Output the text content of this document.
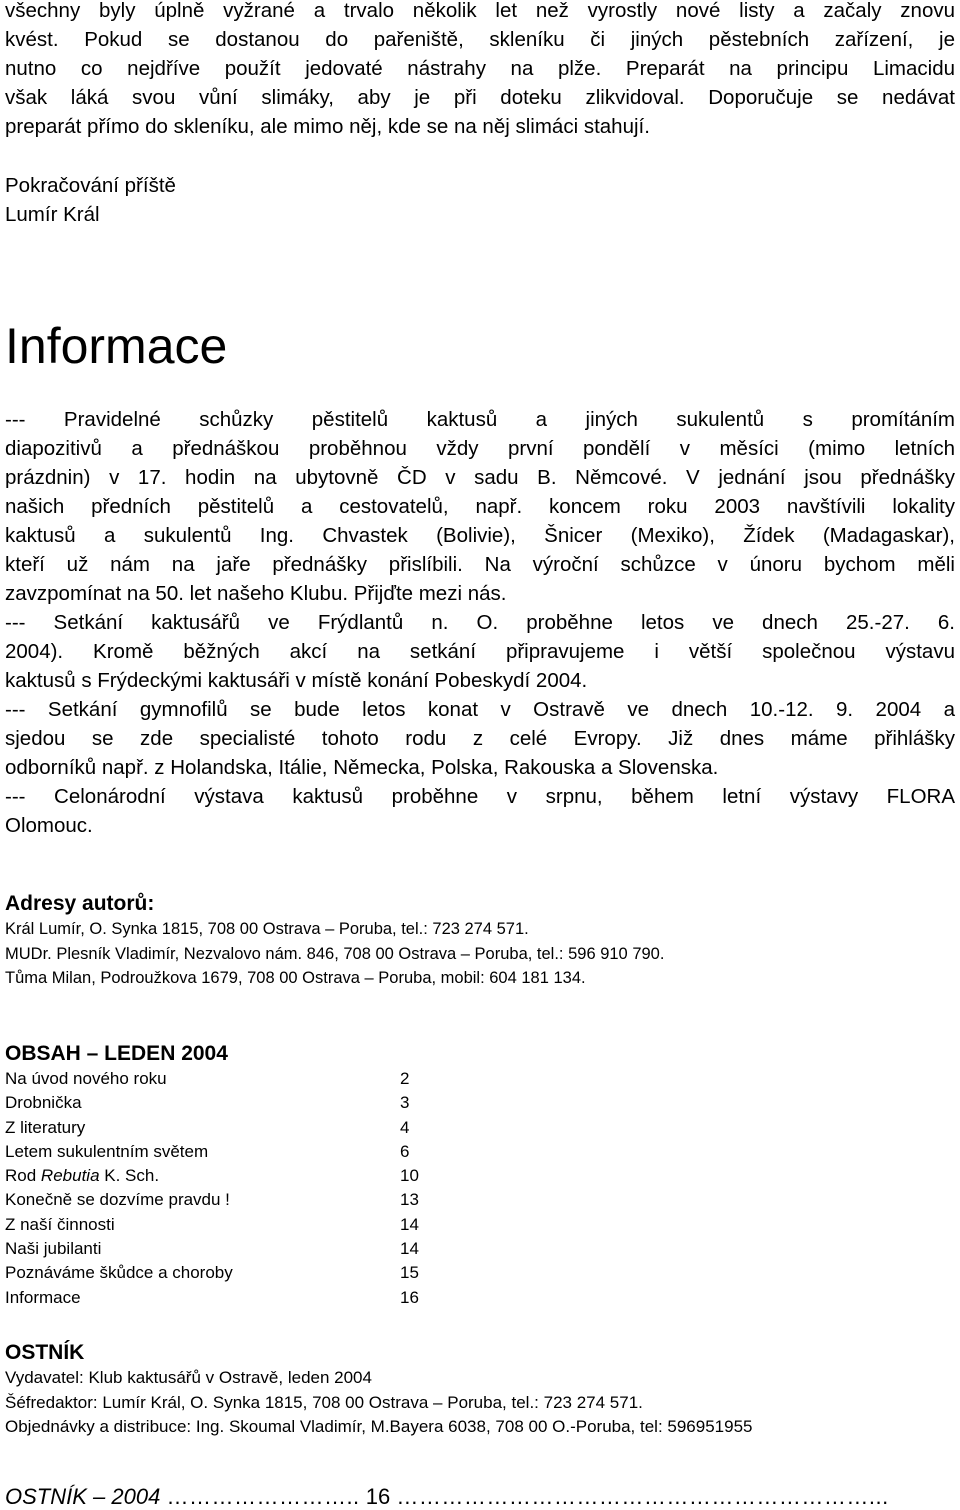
všechny byly úplně vyžrané a trvalo několik let než vyrostly nové listy a začaly znovu

kvést. Pokud se dostanou do pařeniště, skleníku či jiných pěstebních zařízení, je

nutno co nejdříve použít jedovaté nástrahy na plže. Preparát na principu Limacidu

však láká svou vůní slimáky, aby je při doteku zlikvidoval. Doporučuje se nedávat

preparát přímo do skleníku, ale mimo něj, kde se na něj slimáci stahují.

Pokračování příště
Lumír Král
Informace

--- Pravidelné schůzky pěstitelů kaktusů a jiných sukulentů s promítáním

diapozitivů a přednáškou proběhnou vždy první pondělí v měsíci (mimo letních

prázdnin) v 17. hodin na ubytovně ČD v sadu B. Němcové. V jednání jsou přednášky

našich předních pěstitelů a cestovatelů, např. koncem roku 2003 navštívili lokality

kaktusů a sukulentů Ing. Chvastek (Bolivie), Šnicer (Mexiko), Žídek (Madagaskar),

kteří už nám na jaře přednášky přislíbili. Na výroční schůzce v únoru bychom měli

zavzpomínat na 50. let našeho Klubu. Přijďte mezi nás.

--- Setkání kaktusářů ve Frýdlantů n. O. proběhne letos ve dnech 25.-27. 6.

2004). Kromě běžných akcí na setkání připravujeme i větší společnou výstavu

kaktusů s Frýdeckými kaktusáři v místě konání Pobeskydí 2004.

--- Setkání gymnofilů se bude letos konat v Ostravě ve dnech 10.-12. 9. 2004 a

sjedou se zde specialisté tohoto rodu z celé Evropy. Již dnes máme přihlášky

odborníků např. z Holandska, Itálie, Německa, Polska, Rakouska a Slovenska.

--- Celonárodní výstava kaktusů proběhne v srpnu, během letní výstavy FLORA

Olomouc.

Adresy autorů:

Král Lumír, O. Synka 1815, 708 00 Ostrava – Poruba, tel.: 723 274 571.
MUDr. Plesník Vladimír, Nezvalovo nám. 846, 708 00 Ostrava – Poruba, tel.: 596 910 790.
Tůma Milan, Podroužkova 1679, 708 00 Ostrava – Poruba, mobil: 604 181 134.

OBSAH – LEDEN 2004

Na úvod nového roku	2
Drobnička	3
Z literatury	4
Letem sukulentním světem	6
Rod Rebutia K. Sch.	10
Konečně se dozvíme pravdu !	13
Z naší činnosti	14
Naši jubilanti	14
Poznáváme škůdce a choroby	15
Informace	16

OSTNÍK

Vydavatel: Klub kaktusářů v Ostravě, leden 2004
Šéfredaktor: Lumír Král, O. Synka 1815, 708 00 Ostrava – Poruba, tel.: 723 274 571.
Objednávky a distribuce: Ing. Skoumal Vladimír, M.Bayera 6038, 708 00 O.-Poruba, tel: 596951955
OSTNÍK – 2004 …………………….. 16 ………………………………………………………...
